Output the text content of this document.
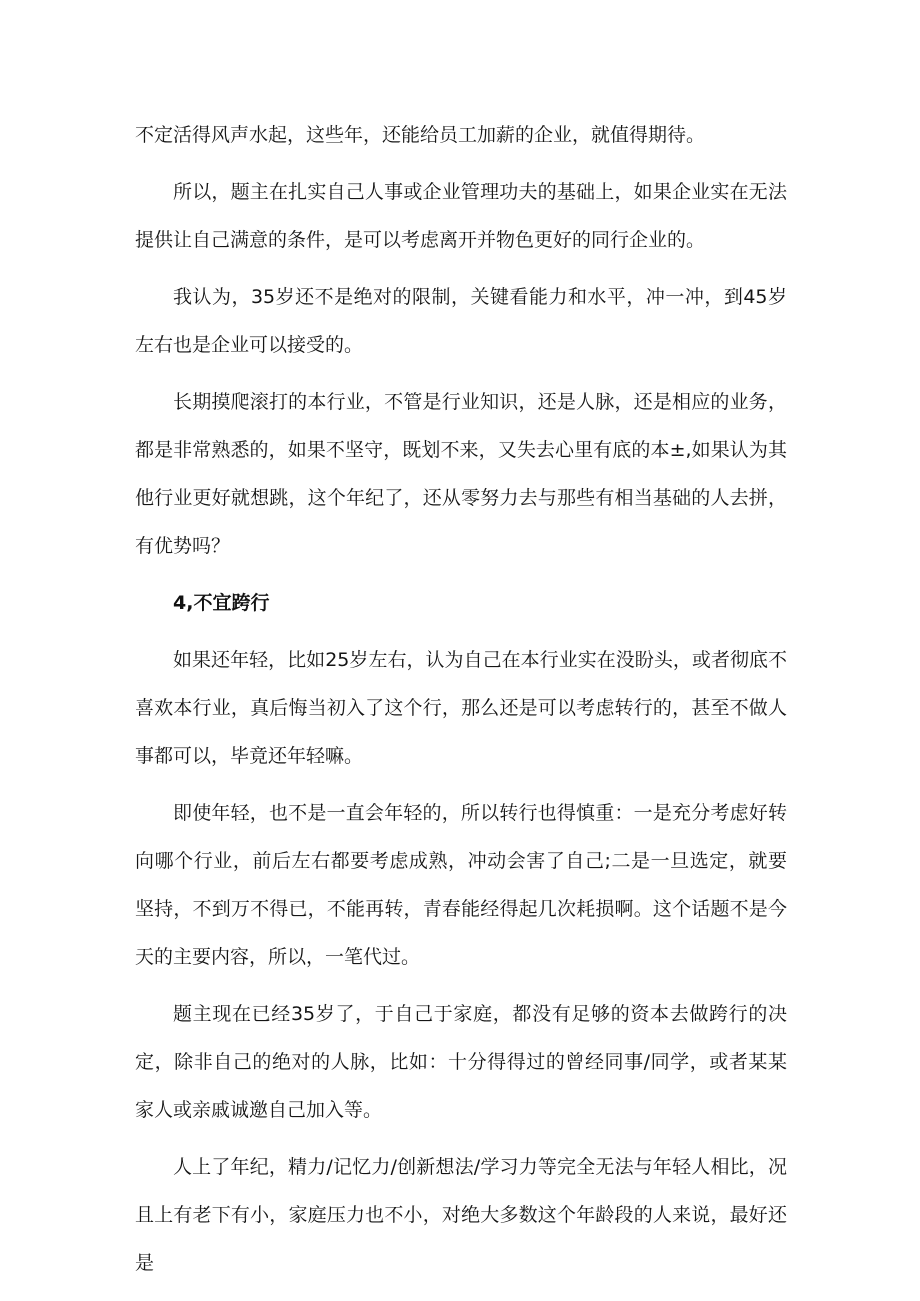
不定活得风声水起，这些年，还能给员工加薪的企业，就值得期待。

所以，题主在扎实自己人事或企业管理功夫的基础上，如果企业实在无法提供让自己满意的条件，是可以考虑离开并物色更好的同行企业的。

我认为，35岁还不是绝对的限制，关键看能力和水平，冲一冲，到45岁左右也是企业可以接受的。

长期摸爬滚打的本行业，不管是行业知识，还是人脉，还是相应的业务，都是非常熟悉的，如果不坚守，既划不来，又失去心里有底的本±,如果认为其他行业更好就想跳，这个年纪了，还从零努力去与那些有相当基础的人去拼，有优势吗？

4,不宜跨行

如果还年轻，比如25岁左右，认为自己在本行业实在没盼头，或者彻底不喜欢本行业，真后悔当初入了这个行，那么还是可以考虑转行的，甚至不做人事都可以，毕竟还年轻嘛。

即使年轻，也不是一直会年轻的，所以转行也得慎重：一是充分考虑好转向哪个行业，前后左右都要考虑成熟，冲动会害了自己;二是一旦选定，就要坚持，不到万不得已，不能再转，青春能经得起几次耗损啊。这个话题不是今天的主要内容，所以，一笔代过。

题主现在已经35岁了，于自己于家庭，都没有足够的资本去做跨行的决定，除非自己的绝对的人脉，比如：十分得得过的曾经同事/同学，或者某某家人或亲戚诚邀自己加入等。

人上了年纪，精力/记忆力/创新想法/学习力等完全无法与年轻人相比，况且上有老下有小，家庭压力也不小，对绝大多数这个年龄段的人来说，最好还是
